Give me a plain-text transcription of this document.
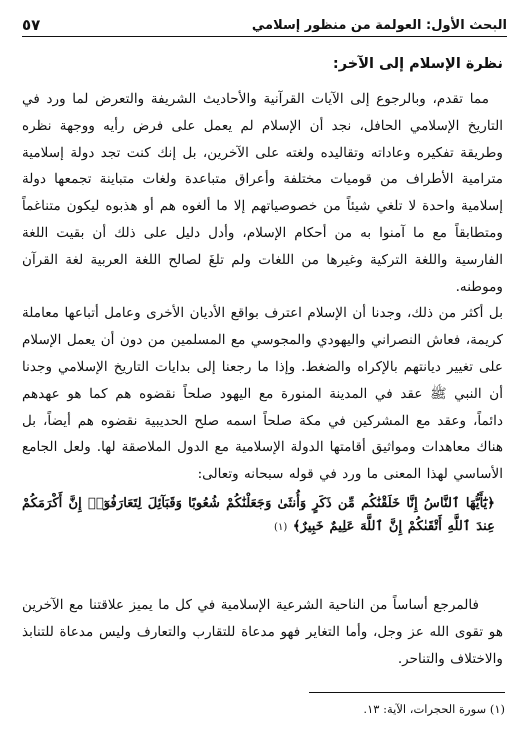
البحث الأول: العولمة من منظور إسلامي
٥٧
نظرة الإسلام إلى الآخر:

مما تقدم، وبالرجوع إلى الآيات القرآنية والأحاديث الشريفة والتعرض لما ورد في التاريخ الإسلامي الحافل، نجد أن الإسلام لم يعمل على فرض رأيه ووجهة نظره وطريقة تفكيره وعاداته وتقاليده ولغته على الآخرين، بل إنك كنت تجد دولة إسلامية مترامية الأطراف من قوميات مختلفة وأعراق متباعدة ولغات متباينة تجمعها دولة إسلامية واحدة لا تلغي شيئاً من خصوصياتهم إلا ما ألغوه هم أو هذبوه ليكون متناغماً ومتطابقاً مع ما آمنوا به من أحكام الإسلام، وأدل دليل على ذلك أن بقيت اللغة الفارسية واللغة التركية وغيرها من اللغات ولم تلغَ لصالح اللغة العربية لغة القرآن وموطنه.

بل أكثر من ذلك، وجدنا أن الإسلام اعترف بواقع الأديان الأخرى وعامل أتباعها معاملة كريمة، فعاش النصراني واليهودي والمجوسي مع المسلمين من دون أن يعمل الإسلام على تغيير ديانتهم بالإكراه والضغط. وإذا ما رجعنا إلى بدايات التاريخ الإسلامي وجدنا أن النبي ﷺ عقد في المدينة المنورة مع اليهود صلحاً نقضوه هم كما هو عهدهم دائماً، وعقد مع المشركين في مكة صلحاً اسمه صلح الحديبية نقضوه هم أيضاً، بل هناك معاهدات ومواثيق أقامتها الدولة الإسلامية مع الدول الملاصقة لها. ولعل الجامع الأساسي لهذا المعنى ما ورد في قوله سبحانه وتعالى:

﴿يَٰٓأَيُّهَا ٱلنَّاسُ إِنَّا خَلَقْنَٰكُم مِّن ذَكَرٍ وَأُنثَىٰ وَجَعَلْنَٰكُمْ شُعُوبًا وَقَبَآئِلَ لِتَعَارَفُوٓا۟ إِنَّ أَكْرَمَكُمْ عِندَ ٱللَّهِ أَتْقَىٰكُمْ إِنَّ ٱللَّهَ عَلِيمٌ خَبِيرٌ﴾ (١)

فالمرجع أساساً من الناحية الشرعية الإسلامية في كل ما يميز علاقتنا مع الآخرين هو تقوى الله عز وجل، وأما التغاير فهو مدعاة للتقارب والتعارف وليس مدعاة للتنابذ والاختلاف والتناحر.

(١) سورة الحجرات، الآية: ١٣.
